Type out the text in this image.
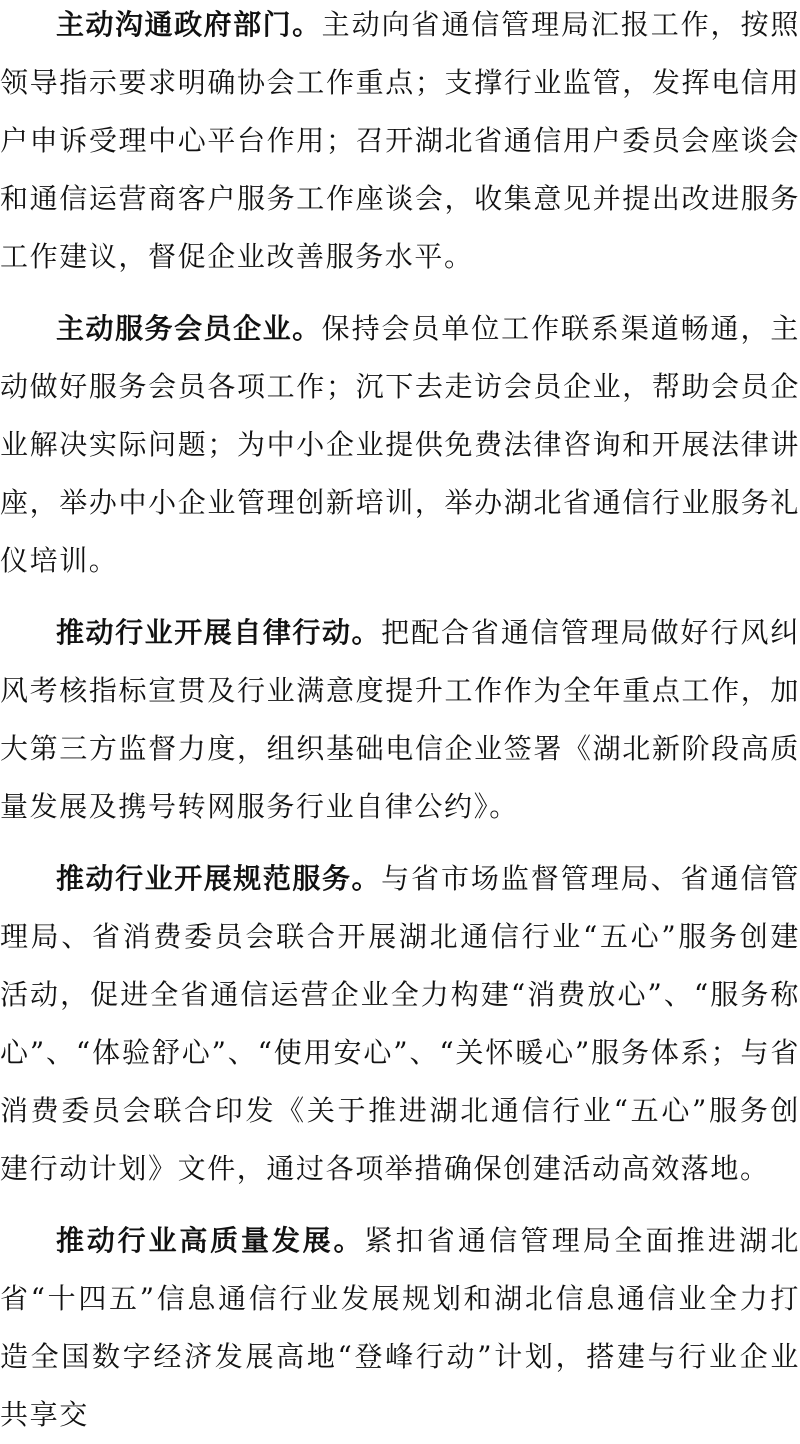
主动沟通政府部门。主动向省通信管理局汇报工作，按照领导指示要求明确协会工作重点；支撑行业监管，发挥电信用户申诉受理中心平台作用；召开湖北省通信用户委员会座谈会和通信运营商客户服务工作座谈会，收集意见并提出改进服务工作建议，督促企业改善服务水平。

主动服务会员企业。保持会员单位工作联系渠道畅通，主动做好服务会员各项工作；沉下去走访会员企业，帮助会员企业解决实际问题；为中小企业提供免费法律咨询和开展法律讲座，举办中小企业管理创新培训，举办湖北省通信行业服务礼仪培训。

推动行业开展自律行动。把配合省通信管理局做好行风纠风考核指标宣贯及行业满意度提升工作作为全年重点工作，加大第三方监督力度，组织基础电信企业签署《湖北新阶段高质量发展及携号转网服务行业自律公约》。

推动行业开展规范服务。与省市场监督管理局、省通信管理局、省消费委员会联合开展湖北通信行业“五心”服务创建活动，促进全省通信运营企业全力构建“消费放心”、“服务称心”、“体验舒心”、“使用安心”、“关怀暖心”服务体系；与省消费委员会联合印发《关于推进湖北通信行业“五心”服务创建行动计划》文件，通过各项举措确保创建活动高效落地。

推动行业高质量发展。紧扣省通信管理局全面推进湖北省“十四五”信息通信行业发展规划和湖北信息通信业全力打造全国数字经济发展高地“登峰行动”计划，搭建与行业企业共享交
